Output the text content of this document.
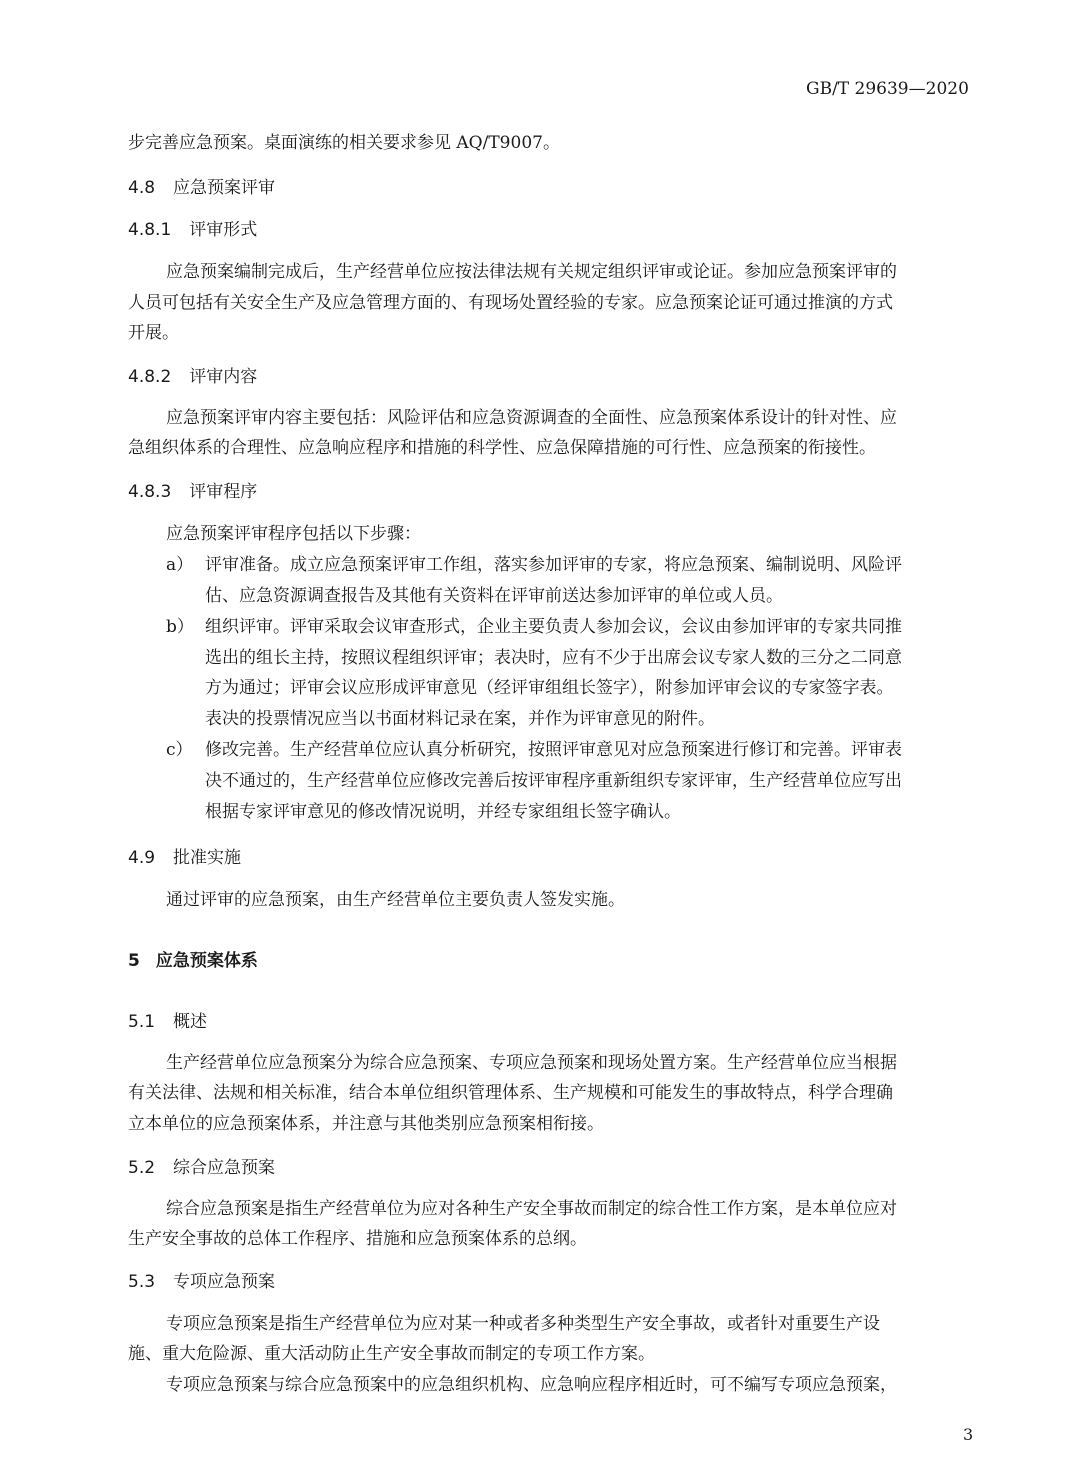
GB/T 29639—2020
步完善应急预案。桌面演练的相关要求参见 AQ/T9007。
4.8 应急预案评审
4.8.1 评审形式
应急预案编制完成后，生产经营单位应按法律法规有关规定组织评审或论证。参加应急预案评审的
人员可包括有关安全生产及应急管理方面的、有现场处置经验的专家。应急预案论证可通过推演的方式
开展。
4.8.2 评审内容
应急预案评审内容主要包括：风险评估和应急资源调查的全面性、应急预案体系设计的针对性、应
急组织体系的合理性、应急响应程序和措施的科学性、应急保障措施的可行性、应急预案的衔接性。
4.8.3 评审程序
应急预案评审程序包括以下步骤：
a） 评审准备。成立应急预案评审工作组，落实参加评审的专家，将应急预案、编制说明、风险评
估、应急资源调查报告及其他有关资料在评审前送达参加评审的单位或人员。
b） 组织评审。评审采取会议审查形式，企业主要负责人参加会议，会议由参加评审的专家共同推
选出的组长主持，按照议程组织评审；表决时，应有不少于出席会议专家人数的三分之二同意
方为通过；评审会议应形成评审意见（经评审组组长签字），附参加评审会议的专家签字表。
表决的投票情况应当以书面材料记录在案，并作为评审意见的附件。
c） 修改完善。生产经营单位应认真分析研究，按照评审意见对应急预案进行修订和完善。评审表
决不通过的，生产经营单位应修改完善后按评审程序重新组织专家评审，生产经营单位应写出
根据专家评审意见的修改情况说明，并经专家组组长签字确认。
4.9 批准实施
通过评审的应急预案，由生产经营单位主要负责人签发实施。
5 应急预案体系
5.1 概述
生产经营单位应急预案分为综合应急预案、专项应急预案和现场处置方案。生产经营单位应当根据
有关法律、法规和相关标准，结合本单位组织管理体系、生产规模和可能发生的事故特点，科学合理确
立本单位的应急预案体系，并注意与其他类别应急预案相衔接。
5.2 综合应急预案
综合应急预案是指生产经营单位为应对各种生产安全事故而制定的综合性工作方案，是本单位应对
生产安全事故的总体工作程序、措施和应急预案体系的总纲。
5.3 专项应急预案
专项应急预案是指生产经营单位为应对某一种或者多种类型生产安全事故，或者针对重要生产设
施、重大危险源、重大活动防止生产安全事故而制定的专项工作方案。
专项应急预案与综合应急预案中的应急组织机构、应急响应程序相近时，可不编写专项应急预案，
3
